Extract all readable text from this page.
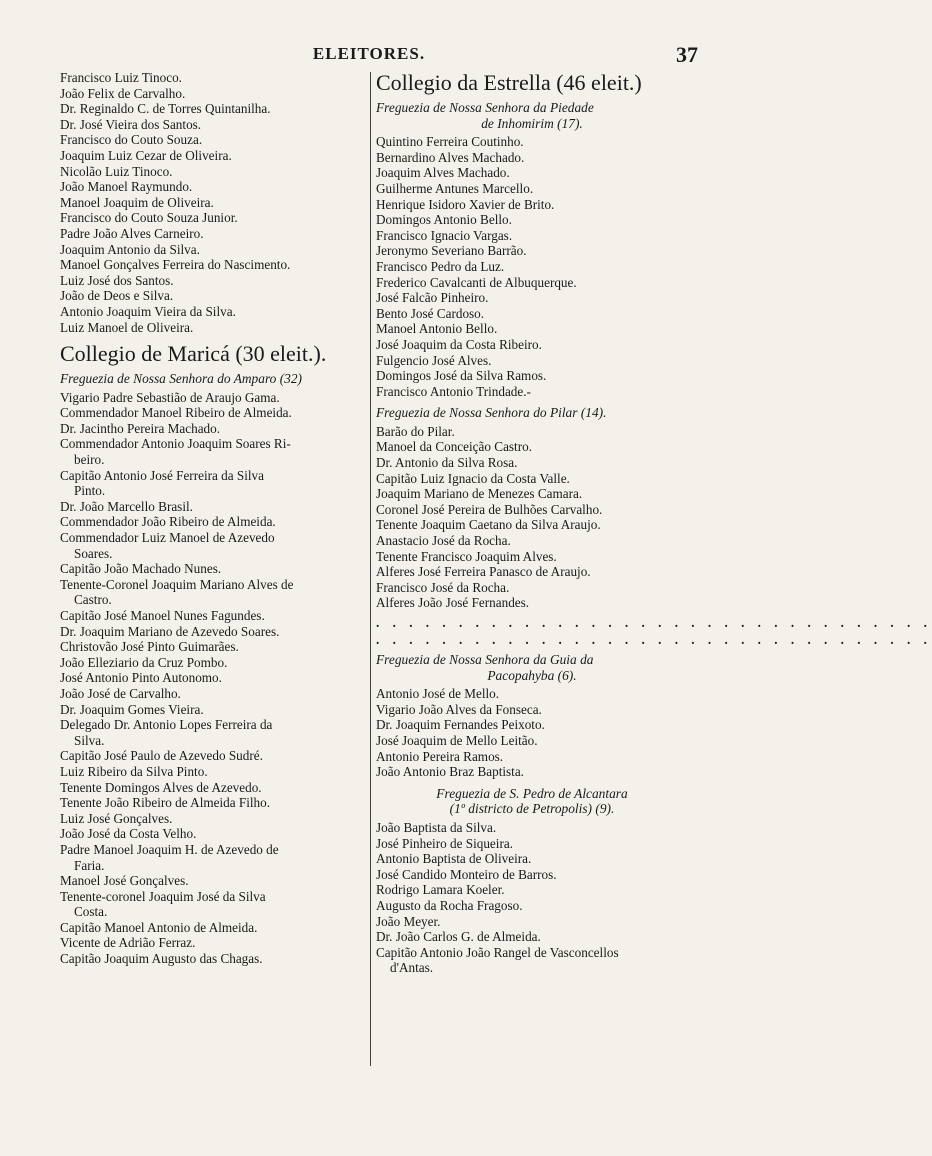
ELEITORES.	37
Francisco Luiz Tinoco.
João Felix de Carvalho.
Dr. Reginaldo C. de Torres Quintanilha.
Dr. José Vieira dos Santos.
Francisco do Couto Souza.
Joaquim Luiz Cezar de Oliveira.
Nicolão Luiz Tinoco.
João Manoel Raymundo.
Manoel Joaquim de Oliveira.
Francisco do Couto Souza Junior.
Padre João Alves Carneiro.
Joaquim Antonio da Silva.
Manoel Gonçalves Ferreira do Nascimento.
Luiz José dos Santos.
João de Deos e Silva.
Antonio Joaquim Vieira da Silva.
Luiz Manoel de Oliveira.
Collegio de Maricá (30 eleit.).
Freguezia de Nossa Senhora do Amparo (32)
Vigario Padre Sebastião de Araujo Gama.
Commendador Manoel Ribeiro de Almeida.
Dr. Jacintho Pereira Machado.
Commendador Antonio Joaquim Soares Ri-
beiro.
Capitão Antonio José Ferreira da Silva
Pinto.
Dr. João Marcello Brasil.
Commendador João Ribeiro de Almeida.
Commendador Luiz Manoel de Azevedo
Soares.
Capitão João Machado Nunes.
Tenente-Coronel Joaquim Mariano Alves de
Castro.
Capitão José Manoel Nunes Fagundes.
Dr. Joaquim Mariano de Azevedo Soares.
Christovão José Pinto Guimarães.
João Elleziario da Cruz Pombo.
José Antonio Pinto Autonomo.
João José de Carvalho.
Dr. Joaquim Gomes Vieira.
Delegado Dr. Antonio Lopes Ferreira da
Silva.
Capitão José Paulo de Azevedo Sudré.
Luiz Ribeiro da Silva Pinto.
Tenente Domingos Alves de Azevedo.
Tenente João Ribeiro de Almeida Filho.
Luiz José Gonçalves.
João José da Costa Velho.
Padre Manoel Joaquim H. de Azevedo de
Faria.
Manoel José Gonçalves.
Tenente-coronel Joaquim José da Silva
Costa.
Capitão Manoel Antonio de Almeida.
Vicente de Adrião Ferraz.
Capitão Joaquim Augusto das Chagas.
Collegio da Estrella (46 eleit.)
Freguezia de Nossa Senhora da Piedade
de Inhomirim (17).
Quintino Ferreira Coutinho.
Bernardino Alves Machado.
Joaquim Alves Machado.
Guilherme Antunes Marcello.
Henrique Isidoro Xavier de Brito.
Domingos Antonio Bello.
Francisco Ignacio Vargas.
Jeronymo Severiano Barrão.
Francisco Pedro da Luz.
Frederico Cavalcanti de Albuquerque.
José Falcão Pinheiro.
Bento José Cardoso.
Manoel Antonio Bello.
José Joaquim da Costa Ribeiro.
Fulgencio José Alves.
Domingos José da Silva Ramos.
Francisco Antonio Trindade.-
Freguezia de Nossa Senhora do Pilar (14).
Barão do Pilar.
Manoel da Conceição Castro.
Dr. Antonio da Silva Rosa.
Capitão Luiz Ignacio da Costa Valle.
Joaquim Mariano de Menezes Camara.
Coronel José Pereira de Bulhões Carvalho.
Tenente Joaquim Caetano da Silva Araujo.
Anastacio José da Rocha.
Tenente Francisco Joaquim Alves.
Alferes José Ferreira Panasco de Araujo.
Francisco José da Rocha.
Alferes João José Fernandes.
. . . . . . . . . . . . . . . . . . . . . . . . . . . . . . . . . .
. . . . . . . . . . . . . . . . . . . . . . . . . . . . . . . . . .
Freguezia de Nossa Senhora da Guia da
Pacopahyba (6).
Antonio José de Mello.
Vigario João Alves da Fonseca.
Dr. Joaquim Fernandes Peixoto.
José Joaquim de Mello Leitão.
Antonio Pereira Ramos.
João Antonio Braz Baptista.
Freguezia de S. Pedro de Alcantara
(1º districto de Petropolis) (9).
João Baptista da Silva.
José Pinheiro de Siqueira.
Antonio Baptista de Oliveira.
José Candido Monteiro de Barros.
Rodrigo Lamara Koeler.
Augusto da Rocha Fragoso.
João Meyer.
Dr. João Carlos G. de Almeida.
Capitão Antonio João Rangel de Vasconcellos
d'Antas.
